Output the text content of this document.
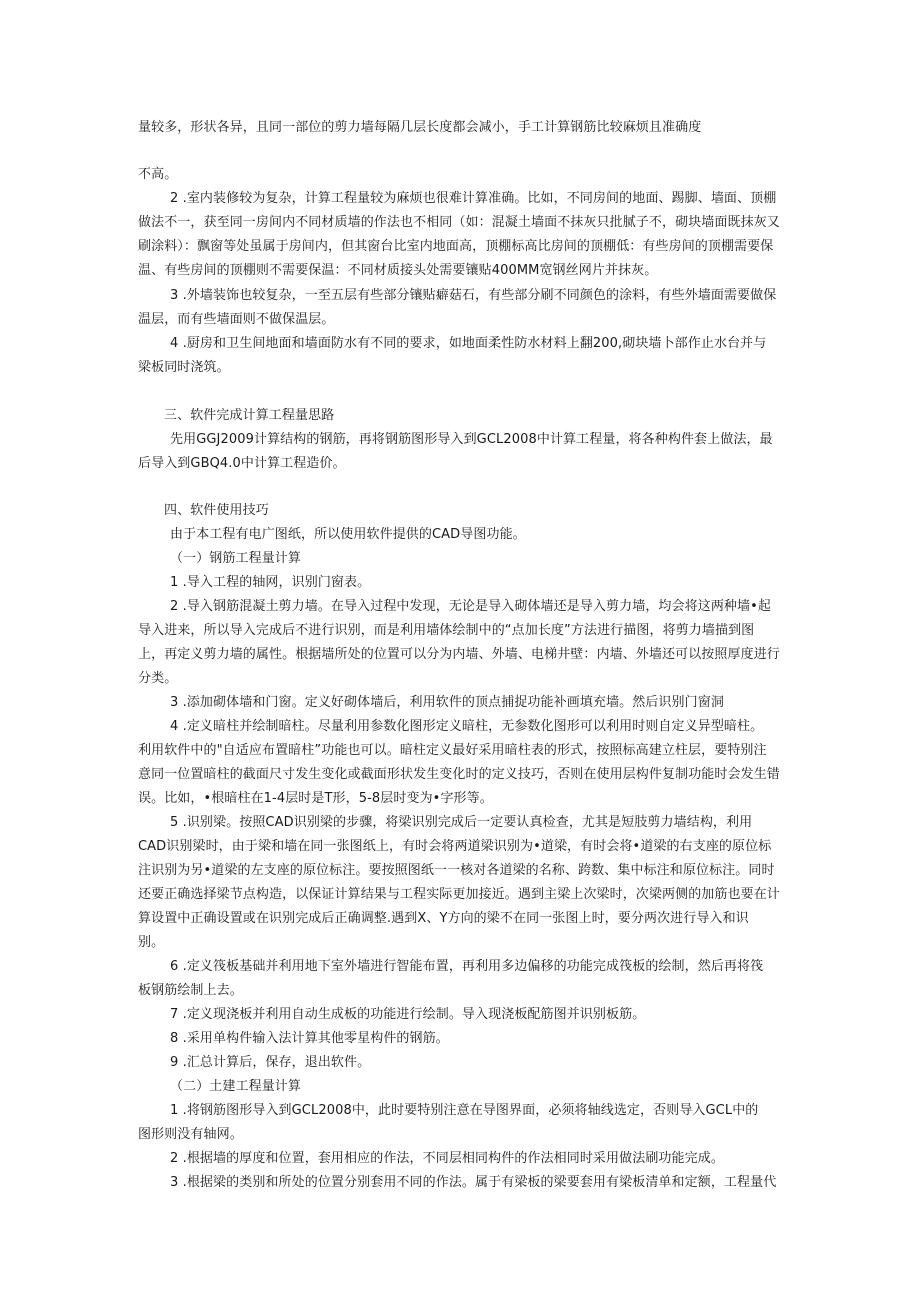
量较多，形状各异，且同一部位的剪力墙每隔几层长度都会减小，手工计算钢筋比较麻烦且准确度
不高。
2 .室内装修较为复杂，计算工程量较为麻烦也很难计算准确。比如，不同房间的地面、踢脚、墙面、顶棚
做法不一，获至同一房间内不同材质墙的作法也不相同（如：混凝土墙面不抹灰只批腻子不，砌块墙面既抹灰又
刷涂料）：飘窗等处虽属于房间内，但其窗台比室内地面高，顶棚标高比房间的顶棚低：有些房间的顶棚需要保
温、有些房间的顶棚则不需要保温：不同材质接头处需要镶贴400MM宽钢丝网片并抹灰。
3 .外墙装饰也较复杂，一至五层有些部分镶贴癖菇石，有些部分刷不同颜色的涂料，有些外墙面需要做保
温层，而有些墙面则不做保温层。
4 .厨房和卫生间地面和墙面防水有不同的要求，如地面柔性防水材料上翻200,砌块墙卜部作止水台并与
梁板同时浇筑。
三、软件完成计算工程量思路
先用GGJ2009计算结构的钢筋，再将钢筋图形导入到GCL2008中计算工程量，将各种构件套上做法，最
后导入到GBQ4.0中计算工程造价。
四、软件使用技巧
由于本工程有电广图纸，所以使用软件提供的CAD导图功能。
（一）钢筋工程量计算
1 .导入工程的轴网，识别门窗表。
2 .导入钢筋混凝土剪力墙。在导入过程中发现，无论是导入砌体墙还是导入剪力墙，均会将这两种墙•起
导入进来，所以导入完成后不进行识别，而是利用墙体绘制中的“点加长度”方法进行描图，将剪力墙描到图
上，再定义剪力墙的属性。根据墙所处的位置可以分为内墙、外墙、电梯井壁：内墙、外墙还可以按照厚度进行
分类。
3 .添加砌体墙和门窗。定义好砌体墙后，利用软件的顶点捕捉功能补画填充墙。然后识别门窗洞
4 .定义暗柱并绘制暗柱。尽量利用参数化图形定义暗柱，无参数化图形可以利用时则自定义异型暗柱。
利用软件中的"自适应布置暗柱”功能也可以。暗柱定义最好采用暗柱表的形式，按照标高建立柱层，要特别注
意同一位置暗柱的截面尺寸发生变化或截面形状发生变化时的定义技巧，否则在使用层构件复制功能时会发生错
误。比如，•根暗柱在1-4层时是T形，5-8层时变为•字形等。
5 .识别梁。按照CAD识别梁的步骤，将梁识别完成后一定要认真检查，尤其是短肢剪力墙结构，利用
CAD识别梁时，由于梁和墙在同一张图纸上，有时会将两道梁识别为•道梁，有时会将•道梁的右支座的原位标
注识别为另•道梁的左支座的原位标注。要按照图纸一一核对各道梁的名称、跨数、集中标注和原位标注。同时
还要正确选择梁节点构造，以保证计算结果与工程实际更加接近。遇到主梁上次梁时，次梁两侧的加筋也要在计
算设置中正确设置或在识别完成后正确调整.遇到X、Y方向的梁不在同一张图上时，要分两次进行导入和识
别。
6 .定义筏板基础并利用地下室外墙进行智能布置，再利用多边偏移的功能完成筏板的绘制，然后再将筏
板钢筋绘制上去。
7 .定义现浇板并利用自动生成板的功能进行绘制。导入现浇板配筋图并识别板筋。
8 .采用单构件输入法计算其他零星构件的钢筋。
9 .汇总计算后，保存，退出软件。
（二）土建工程量计算
1 .将钢筋图形导入到GCL2008中，此时要特别注意在导图界面，必须将轴线选定，否则导入GCL中的
图形则没有轴网。
2 .根据墙的厚度和位置，套用相应的作法，不同层相同构件的作法相同时采用做法刷功能完成。
3 .根据梁的类别和所处的位置分别套用不同的作法。属于有梁板的梁要套用有梁板清单和定额，工程量代
